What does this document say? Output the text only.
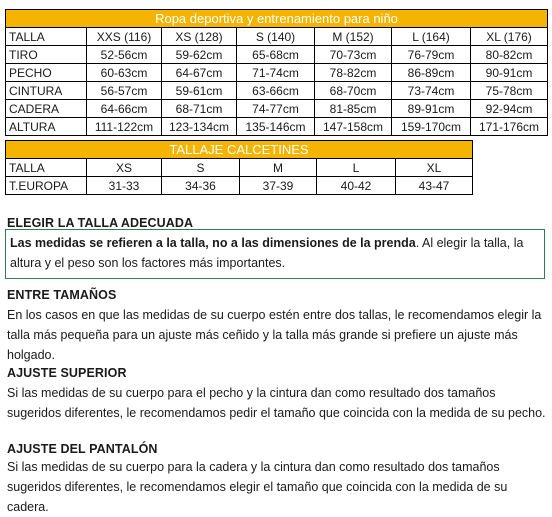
Ropa deportiva y entrenamiento para niño						
TALLA	XXS (116)	XS (128)	S (140)	M (152)	L (164)	XL (176)
TIRO	52-56cm	59-62cm	65-68cm	70-73cm	76-79cm	80-82cm
PECHO	60-63cm	64-67cm	71-74cm	78-82cm	86-89cm	90-91cm
CINTURA	56-57cm	59-61cm	63-66cm	68-70cm	73-74cm	75-78cm
CADERA	64-66cm	68-71cm	74-77cm	81-85cm	89-91cm	92-94cm
ALTURA	111-122cm	123-134cm	135-146cm	147-158cm	159-170cm	171-176cm
TALLAJE CALCETINES					
TALLA	XS	S	M	L	XL
T.EUROPA	31-33	34-36	37-39	40-42	43-47
ELEGIR LA TALLA ADECUADA
Las medidas se refieren a la talla, no a las dimensiones de la prenda. Al elegir la talla, la altura y el peso son los factores más importantes.
ENTRE TAMAÑOS
En los casos en que las medidas de su cuerpo estén entre dos tallas, le recomendamos elegir la talla más pequeña para un ajuste más ceñido y la talla más grande si prefiere un ajuste más holgado.
AJUSTE SUPERIOR
Si las medidas de su cuerpo para el pecho y la cintura dan como resultado dos tamaños sugeridos diferentes, le recomendamos pedir el tamaño que coincida con la medida de su pecho.
AJUSTE DEL PANTALÓN
Si las medidas de su cuerpo para la cadera y la cintura dan como resultado dos tamaños sugeridos diferentes, le recomendamos elegir el tamaño que coincida con la medida de su cadera.
